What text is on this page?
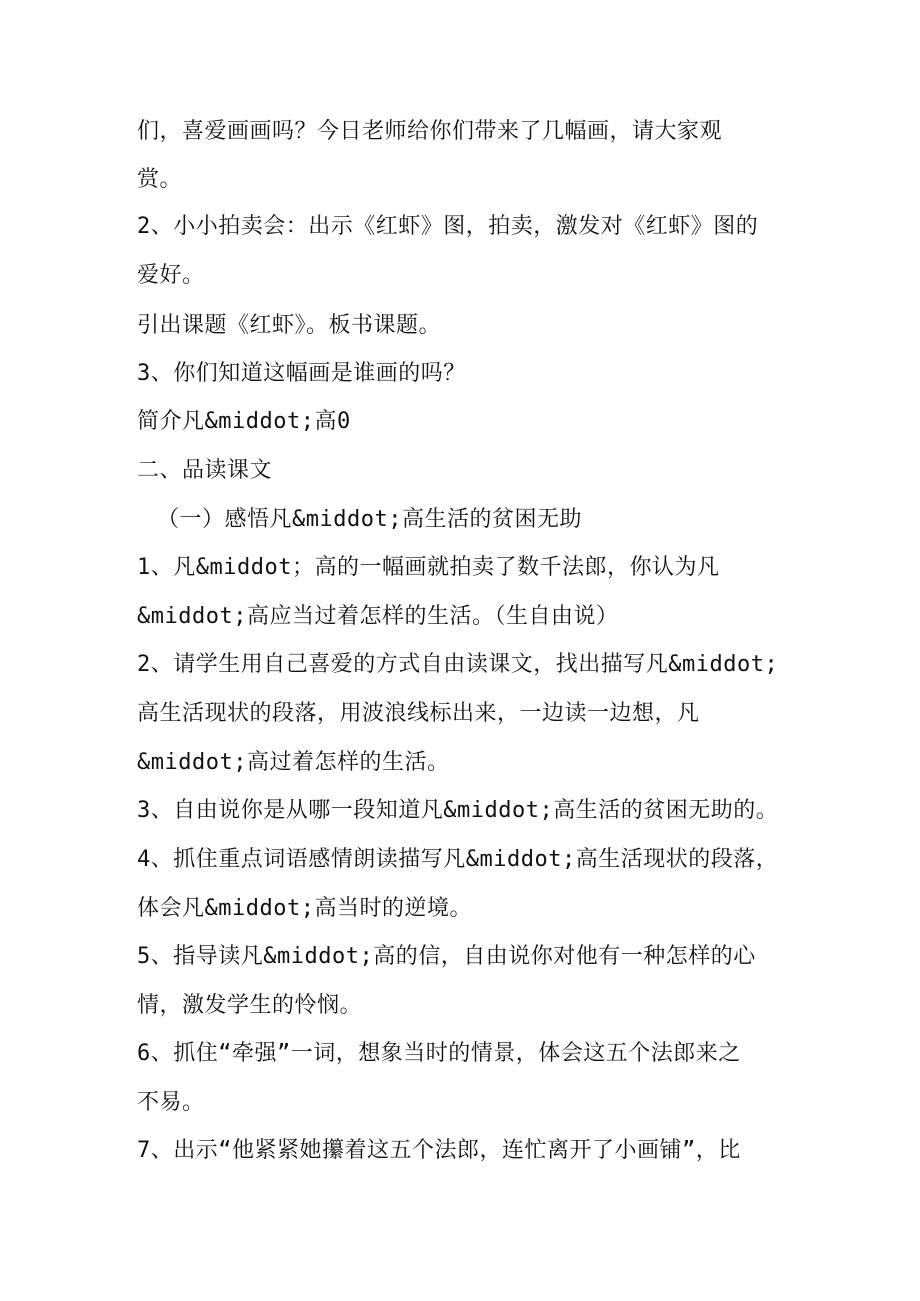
们，喜爱画画吗？今日老师给你们带来了几幅画，请大家观
赏。
2、小小拍卖会：出示《红虾》图，拍卖，激发对《红虾》图的
爱好。
引出课题《红虾》。板书课题。
3、你们知道这幅画是谁画的吗？
简介凡&middot;高0
二、品读课文
（一）感悟凡&middot;高生活的贫困无助
1、凡&middot；高的一幅画就拍卖了数千法郎，你认为凡
&middot;高应当过着怎样的生活。（生自由说）
2、请学生用自己喜爱的方式自由读课文，找出描写凡&middot;
高生活现状的段落，用波浪线标出来，一边读一边想，凡
&middot;高过着怎样的生活。
3、自由说你是从哪一段知道凡&middot;高生活的贫困无助的。
4、抓住重点词语感情朗读描写凡&middot;高生活现状的段落，
体会凡&middot;高当时的逆境。
5、指导读凡&middot;高的信，自由说你对他有一种怎样的心
情，激发学生的怜悯。
6、抓住“牵强”一词，想象当时的情景，体会这五个法郎来之
不易。
7、出示“他紧紧她攥着这五个法郎，连忙离开了小画铺”，比
